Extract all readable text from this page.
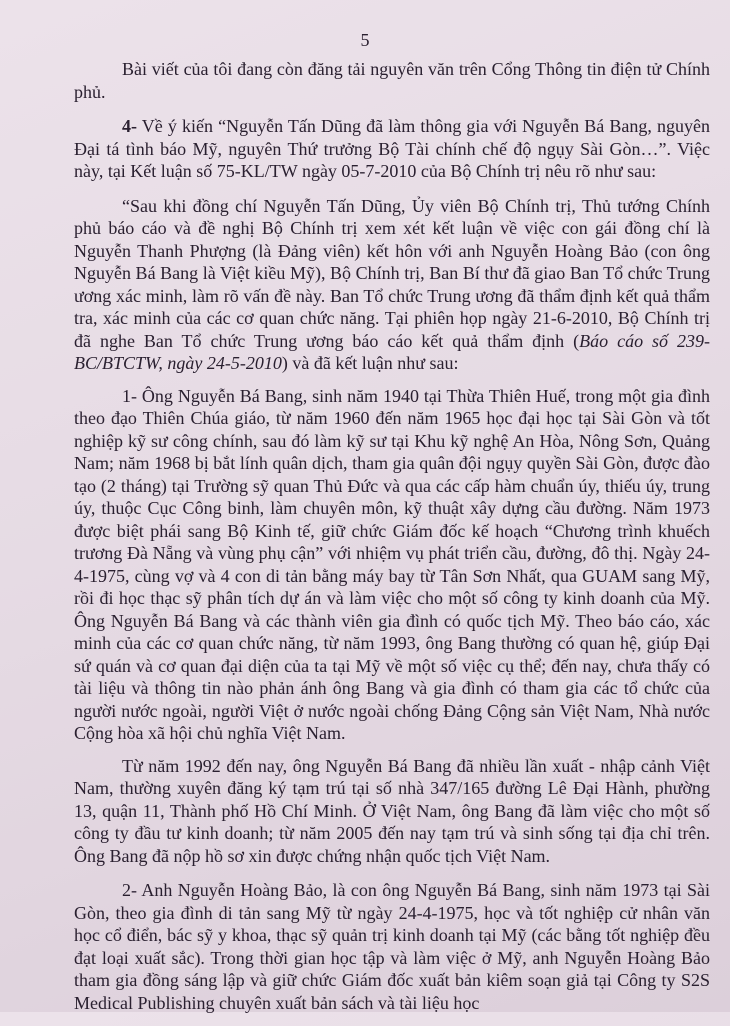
5

Bài viết của tôi đang còn đăng tải nguyên văn trên Cổng Thông tin điện tử Chính phủ.

4- Về ý kiến “Nguyễn Tấn Dũng đã làm thông gia với Nguyễn Bá Bang, nguyên Đại tá tình báo Mỹ, nguyên Thứ trưởng Bộ Tài chính chế độ ngụy Sài Gòn…”. Việc này, tại Kết luận số 75-KL/TW ngày 05-7-2010 của Bộ Chính trị nêu rõ như sau:

“Sau khi đồng chí Nguyễn Tấn Dũng, Ủy viên Bộ Chính trị, Thủ tướng Chính phủ báo cáo và đề nghị Bộ Chính trị xem xét kết luận về việc con gái đồng chí là Nguyễn Thanh Phượng (là Đảng viên) kết hôn với anh Nguyễn Hoàng Bảo (con ông Nguyễn Bá Bang là Việt kiều Mỹ), Bộ Chính trị, Ban Bí thư đã giao Ban Tổ chức Trung ương xác minh, làm rõ vấn đề này. Ban Tổ chức Trung ương đã thẩm định kết quả thẩm tra, xác minh của các cơ quan chức năng. Tại phiên họp ngày 21-6-2010, Bộ Chính trị đã nghe Ban Tổ chức Trung ương báo cáo kết quả thẩm định (Báo cáo số 239-BC/BTCTW, ngày 24-5-2010) và đã kết luận như sau:

1- Ông Nguyễn Bá Bang, sinh năm 1940 tại Thừa Thiên Huế, trong một gia đình theo đạo Thiên Chúa giáo, từ năm 1960 đến năm 1965 học đại học tại Sài Gòn và tốt nghiệp kỹ sư công chính, sau đó làm kỹ sư tại Khu kỹ nghệ An Hòa, Nông Sơn, Quảng Nam; năm 1968 bị bắt lính quân dịch, tham gia quân đội ngụy quyền Sài Gòn, được đào tạo (2 tháng) tại Trường sỹ quan Thủ Đức và qua các cấp hàm chuẩn úy, thiếu úy, trung úy, thuộc Cục Công binh, làm chuyên môn, kỹ thuật xây dựng cầu đường. Năm 1973 được biệt phái sang Bộ Kinh tế, giữ chức Giám đốc kế hoạch “Chương trình khuếch trương Đà Nẵng và vùng phụ cận” với nhiệm vụ phát triển cầu, đường, đô thị. Ngày 24-4-1975, cùng vợ và 4 con di tản bằng máy bay từ Tân Sơn Nhất, qua GUAM sang Mỹ, rồi đi học thạc sỹ phân tích dự án và làm việc cho một số công ty kinh doanh của Mỹ. Ông Nguyễn Bá Bang và các thành viên gia đình có quốc tịch Mỹ. Theo báo cáo, xác minh của các cơ quan chức năng, từ năm 1993, ông Bang thường có quan hệ, giúp Đại sứ quán và cơ quan đại diện của ta tại Mỹ về một số việc cụ thể; đến nay, chưa thấy có tài liệu và thông tin nào phản ánh ông Bang và gia đình có tham gia các tổ chức của người nước ngoài, người Việt ở nước ngoài chống Đảng Cộng sản Việt Nam, Nhà nước Cộng hòa xã hội chủ nghĩa Việt Nam.

Từ năm 1992 đến nay, ông Nguyễn Bá Bang đã nhiều lần xuất - nhập cảnh Việt Nam, thường xuyên đăng ký tạm trú tại số nhà 347/165 đường Lê Đại Hành, phường 13, quận 11, Thành phố Hồ Chí Minh. Ở Việt Nam, ông Bang đã làm việc cho một số công ty đầu tư kinh doanh; từ năm 2005 đến nay tạm trú và sinh sống tại địa chỉ trên. Ông Bang đã nộp hồ sơ xin được chứng nhận quốc tịch Việt Nam.

2- Anh Nguyễn Hoàng Bảo, là con ông Nguyễn Bá Bang, sinh năm 1973 tại Sài Gòn, theo gia đình di tản sang Mỹ từ ngày 24-4-1975, học và tốt nghiệp cử nhân văn học cổ điển, bác sỹ y khoa, thạc sỹ quản trị kinh doanh tại Mỹ (các bằng tốt nghiệp đều đạt loại xuất sắc). Trong thời gian học tập và làm việc ở Mỹ, anh Nguyễn Hoàng Bảo tham gia đồng sáng lập và giữ chức Giám đốc xuất bản kiêm soạn giả tại Công ty S2S Medical Publishing chuyên xuất bản sách và tài liệu học
